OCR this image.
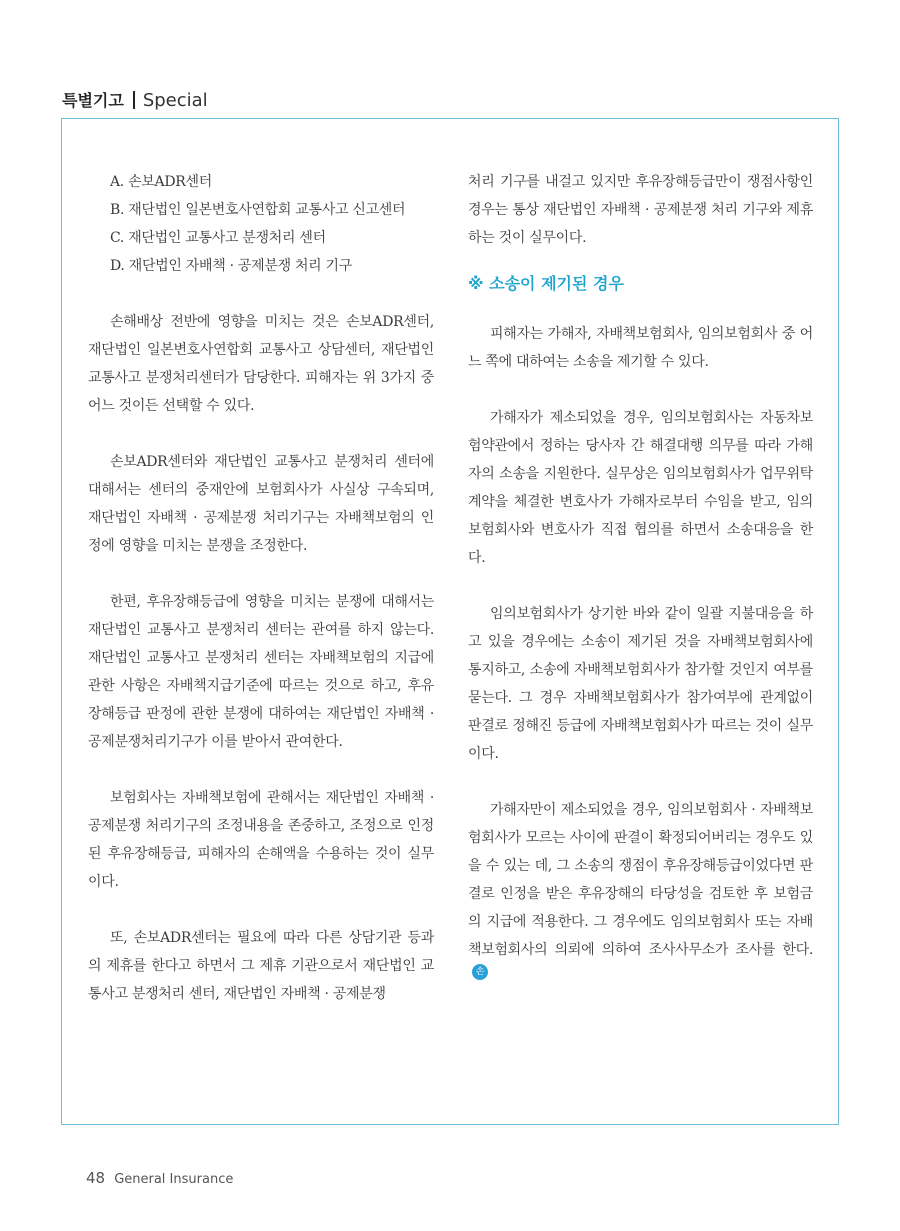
특별기고 Special
A. 손보ADR센터
B. 재단법인 일본변호사연합회 교통사고 신고센터
C. 재단법인 교통사고 분쟁처리 센터
D. 재단법인 자배책 · 공제분쟁 처리 기구

손해배상 전반에 영향을 미치는 것은 손보ADR센터, 재단법인 일본변호사연합회 교통사고 상담센터, 재단법인 교통사고 분쟁처리센터가 담당한다. 피해자는 위 3가지 중 어느 것이든 선택할 수 있다.

손보ADR센터와 재단법인 교통사고 분쟁처리 센터에 대해서는 센터의 중재안에 보험회사가 사실상 구속되며, 재단법인 자배책 · 공제분쟁 처리기구는 자배책보험의 인정에 영향을 미치는 분쟁을 조정한다.

한편, 후유장해등급에 영향을 미치는 분쟁에 대해서는 재단법인 교통사고 분쟁처리 센터는 관여를 하지 않는다. 재단법인 교통사고 분쟁처리 센터는 자배책보험의 지급에 관한 사항은 자배책지급기준에 따르는 것으로 하고, 후유장해등급 판정에 관한 분쟁에 대하여는 재단법인 자배책 · 공제분쟁처리기구가 이를 받아서 관여한다.

보험회사는 자배책보험에 관해서는 재단법인 자배책 · 공제분쟁 처리기구의 조정내용을 존중하고, 조정으로 인정된 후유장해등급, 피해자의 손해액을 수용하는 것이 실무이다.

또, 손보ADR센터는 필요에 따라 다른 상담기관 등과의 제휴를 한다고 하면서 그 제휴 기관으로서 재단법인 교통사고 분쟁처리 센터, 재단법인 자배책 · 공제분쟁

처리 기구를 내걸고 있지만 후유장해등급만이 쟁점사항인 경우는 통상 재단법인 자배책 · 공제분쟁 처리 기구와 제휴하는 것이 실무이다.

※ 소송이 제기된 경우

피해자는 가해자, 자배책보험회사, 임의보험회사 중 어느 쪽에 대하여는 소송을 제기할 수 있다.

가해자가 제소되었을 경우, 임의보험회사는 자동차보험약관에서 정하는 당사자 간 해결대행 의무를 따라 가해자의 소송을 지원한다. 실무상은 임의보험회사가 업무위탁계약을 체결한 변호사가 가해자로부터 수임을 받고, 임의보험회사와 변호사가 직접 협의를 하면서 소송대응을 한다.

임의보험회사가 상기한 바와 같이 일괄 지불대응을 하고 있을 경우에는 소송이 제기된 것을 자배책보험회사에 통지하고, 소송에 자배책보험회사가 참가할 것인지 여부를 묻는다. 그 경우 자배책보험회사가 참가여부에 관계없이 판결로 정해진 등급에 자배책보험회사가 따르는 것이 실무이다.

가해자만이 제소되었을 경우, 임의보험회사 · 자배책보험회사가 모르는 사이에 판결이 확정되어버리는 경우도 있을 수 있는 데, 그 소송의 쟁점이 후유장해등급이었다면 판결로 인정을 받은 후유장해의 타당성을 검토한 후 보험금의 지급에 적용한다. 그 경우에도 임의보험회사 또는 자배책보험회사의 의뢰에 의하여 조사사무소가 조사를 한다.손보

48 General Insurance
